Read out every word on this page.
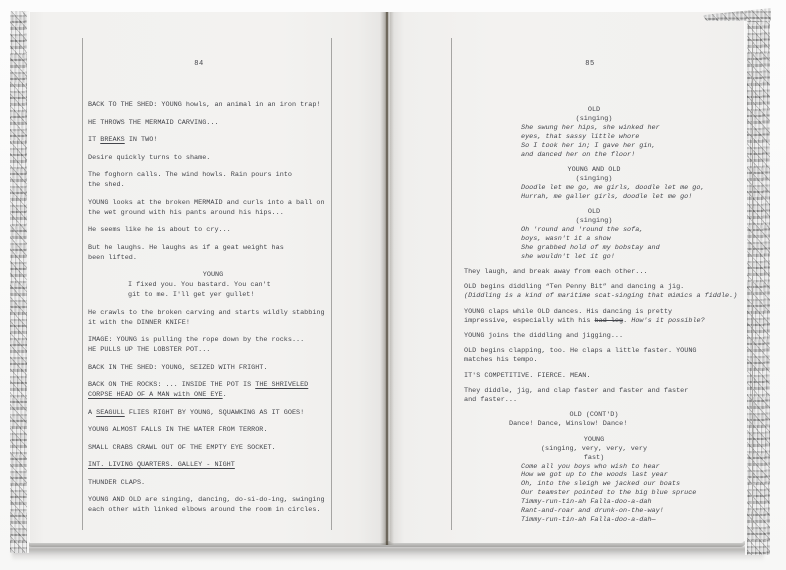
84	85
BACK TO THE SHED: YOUNG howls, an animal in an iron trap!
HE THROWS THE MERMAID CARVING...
IT BREAKS IN TWO!
Desire quickly turns to shame.
The foghorn calls. The wind howls. Rain pours into
the shed.
YOUNG looks at the broken MERMAID and curls into a ball on
the wet ground with his pants around his hips...
He seems like he is about to cry...
But he laughs. He laughs as if a geat weight has
been lifted.
YOUNG
I fixed you. You bastard. You can't
git to me. I'll get yer gullet!
He crawls to the broken carving and starts wildly stabbing
it with the DINNER KNIFE!
IMAGE: YOUNG is pulling the rope down by the rocks...
HE PULLS UP THE LOBSTER POT...
BACK IN THE SHED: YOUNG, SEIZED WITH FRIGHT.
BACK ON THE ROCKS: ... INSIDE THE POT IS THE SHRIVELED
CORPSE HEAD OF A MAN with ONE EYE.
A SEAGULL FLIES RIGHT BY YOUNG, SQUAWKING AS IT GOES!
YOUNG ALMOST FALLS IN THE WATER FROM TERROR.
SMALL CRABS CRAWL OUT OF THE EMPTY EYE SOCKET.
INT. LIVING QUARTERS. GALLEY - NIGHT
THUNDER CLAPS.
YOUNG AND OLD are singing, dancing, do-si-do-ing, swinging
each other with linked elbows around the room in circles.
OLD
(singing)
She swung her hips, she winked her
eyes, that sassy little whore
So I took her in; I gave her gin,
and danced her on the floor!
YOUNG AND OLD
(singing)
Doodle let me go, me girls, doodle let me go,
Hurrah, me galler girls, doodle let me go!
OLD
(singing)
Oh 'round and 'round the sofa,
boys, wasn't it a show
She grabbed hold of my bobstay and
she wouldn't let it go!
They laugh, and break away from each other...
OLD begins diddling “Ten Penny Bit” and dancing a jig.
(Diddling is a kind of maritime scat-singing that mimics a fiddle.)
YOUNG claps while OLD dances. His dancing is pretty
impressive, especially with his bad leg. How's it possible?
YOUNG joins the diddling and jigging...
OLD begins clapping, too. He claps a little faster. YOUNG
matches his tempo.
IT'S COMPETITIVE. FIERCE. MEAN.
They diddle, jig, and clap faster and faster and faster
and faster...
OLD (CONT'D)
Dance! Dance, Winslow! Dance!
YOUNG
(singing, very, very, very
fast)
Come all you boys who wish to hear
How we got up to the woods last year
Oh, into the sleigh we jacked our boats
Our teamster pointed to the big blue spruce
Timmy-run-tin-ah Falla-doo-a-dah
Rant-and-roar and drunk-on-the-way!
Timmy-run-tin-ah Falla-doo-a-dah—
